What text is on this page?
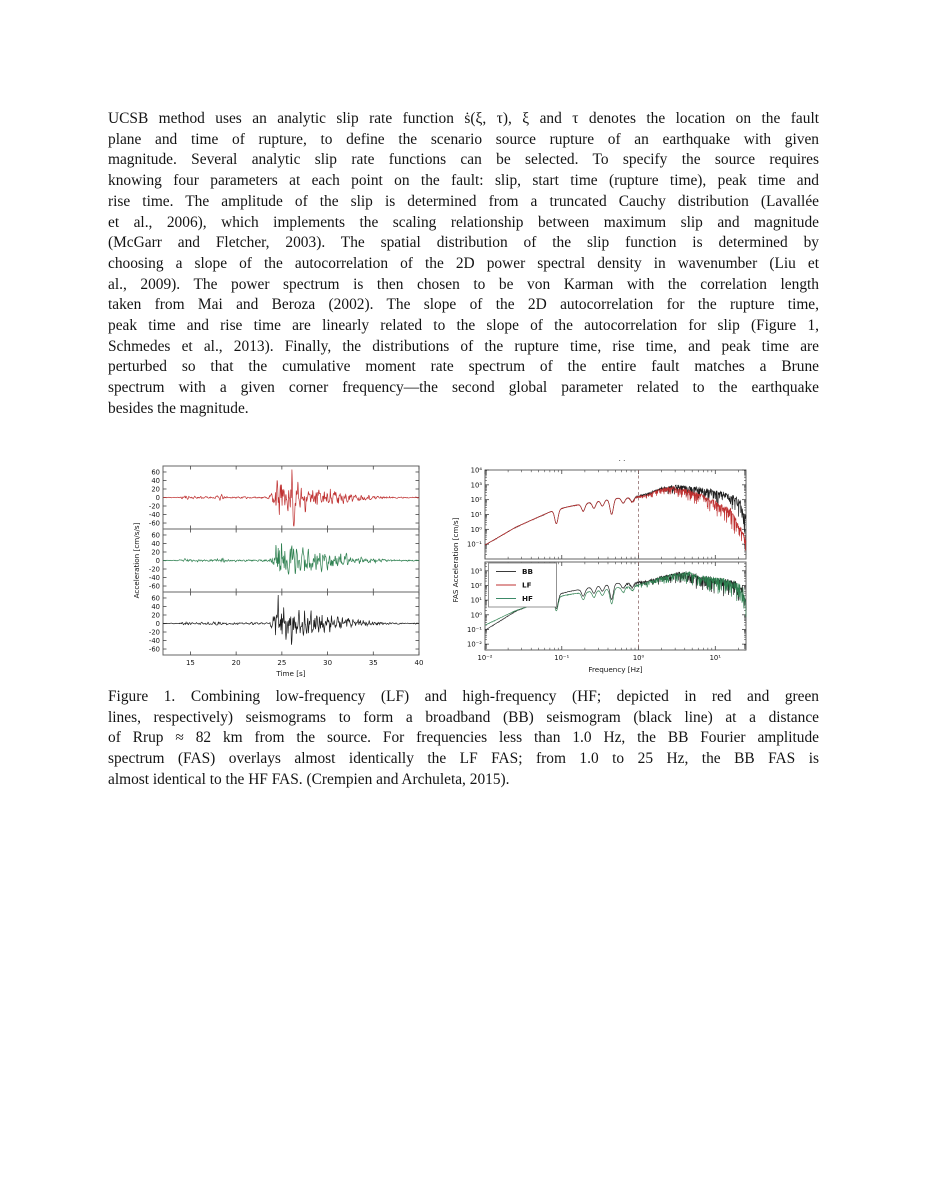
UCSB method uses an analytic slip rate function ṡ(ξ, τ), ξ and τ denotes the location on the fault
plane and time of rupture, to define the scenario source rupture of an earthquake with given
magnitude. Several analytic slip rate functions can be selected. To specify the source requires
knowing four parameters at each point on the fault: slip, start time (rupture time), peak time and
rise time. The amplitude of the slip is determined from a truncated Cauchy distribution (Lavallée
et al., 2006), which implements the scaling relationship between maximum slip and magnitude
(McGarr and Fletcher, 2003). The spatial distribution of the slip function is determined by
choosing a slope of the autocorrelation of the 2D power spectral density in wavenumber (Liu et
al., 2009). The power spectrum is then chosen to be von Karman with the correlation length
taken from Mai and Beroza (2002). The slope of the 2D autocorrelation for the rupture time,
peak time and rise time are linearly related to the slope of the autocorrelation for slip (Figure 1,
Schmedes et al., 2013). Finally, the distributions of the rupture time, rise time, and peak time are
perturbed so that the cumulative moment rate spectrum of the entire fault matches a Brune
spectrum with a given corner frequency—the second global parameter related to the earthquake
besides the magnitude.
60
40
20
0
-20
-40
-60
60
40
20
0
-20
-40
-60
60
40
20
0
-20
-40
-60
15	20	25	30	35	40
Time [s]
Acceleration [cm/s/s]
10⁴
10³
10²
10¹
10⁰
10⁻¹
10³
10²
10¹
10⁰
10⁻¹
10⁻²
10⁻²	10⁻¹	10⁰	10¹
Frequency [Hz]
FAS Acceleration [cm/s]
. .
BB
LF
HF
Figure 1. Combining low-frequency (LF) and high-frequency (HF; depicted in red and green
lines, respectively) seismograms to form a broadband (BB) seismogram (black line) at a distance
of Rrup ≈ 82 km from the source. For frequencies less than 1.0 Hz, the BB Fourier amplitude
spectrum (FAS) overlays almost identically the LF FAS; from 1.0 to 25 Hz, the BB FAS is
almost identical to the HF FAS. (Crempien and Archuleta, 2015).
